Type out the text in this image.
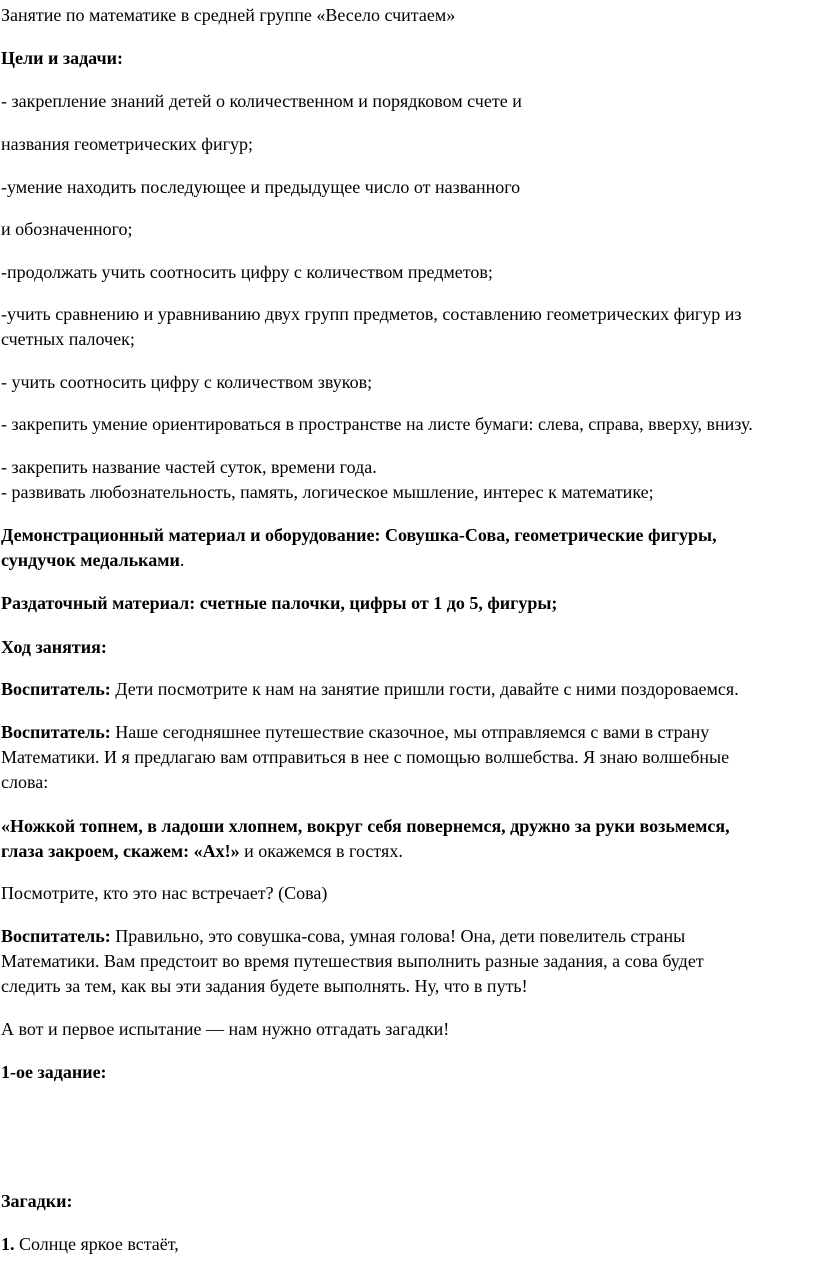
Занятие по математике в средней группе «Весело считаем»

Цели и задачи:

- закрепление знаний детей о количественном и порядковом счете и

названия геометрических фигур;

-умение находить последующее и предыдущее число от названного

и обозначенного;

-продолжать учить соотносить цифру с количеством предметов;

-учить сравнению и уравниванию двух групп предметов, составлению геометрических фигур из

счетных палочек;

- учить соотносить цифру с количеством звуков;

- закрепить умение ориентироваться в пространстве на листе бумаги: слева, справа, вверху, внизу.

- закрепить название частей суток, времени года.

- развивать любознательность, память, логическое мышление, интерес к математике;

Демонстрационный материал и оборудование: Совушка-Сова, геометрические фигуры,

сундучок медальками.

Раздаточный материал: счетные палочки, цифры от 1 до 5, фигуры;

Ход занятия:

Воспитатель: Дети посмотрите к нам на занятие пришли гости, давайте с ними поздороваемся.

Воспитатель: Наше сегодняшнее путешествие сказочное, мы отправляемся с вами в страну

Математики. И я предлагаю вам отправиться в нее с помощью волшебства. Я знаю волшебные

слова:

«Ножкой топнем, в ладоши хлопнем, вокруг себя повернемся, дружно за руки возьмемся,

глаза закроем, скажем: «Ах!» и окажемся в гостях.

Посмотрите, кто это нас встречает? (Сова)

Воспитатель: Правильно, это совушка-сова, умная голова! Она, дети повелитель страны

Математики. Вам предстоит во время путешествия выполнить разные задания, а сова будет

следить за тем, как вы эти задания будете выполнять. Ну, что в путь!

А вот и первое испытание — нам нужно отгадать загадки!

1-ое задание:

Загадки:

1. Солнце яркое встаёт,
